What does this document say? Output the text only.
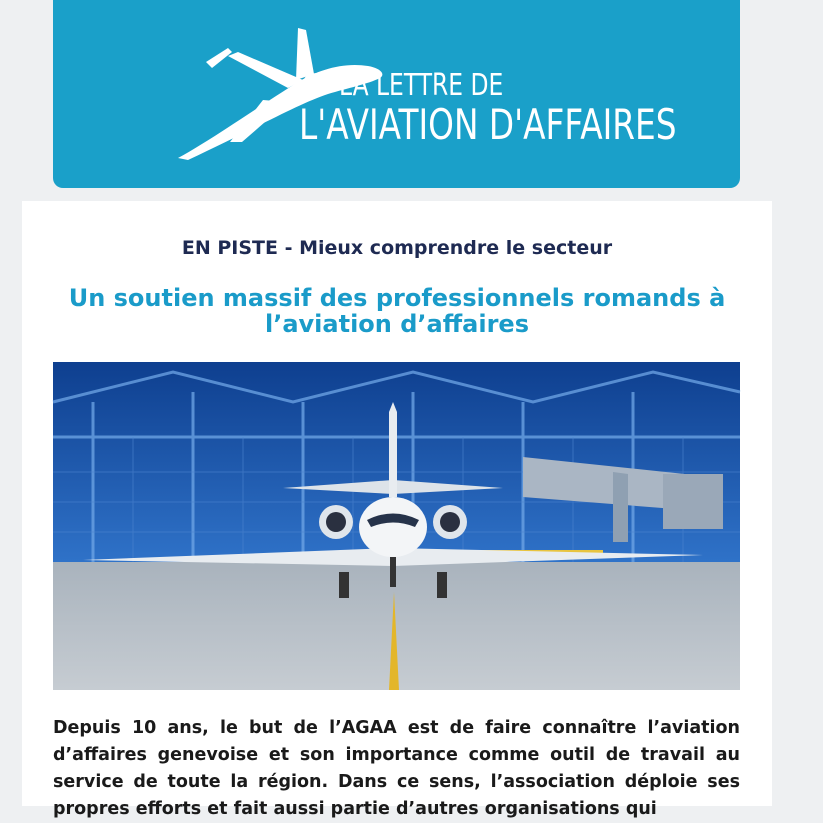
LA LETTRE DE
L'AVIATION D'AFFAIRES
EN PISTE - Mieux comprendre le secteur
Un soutien massif des professionnels romands à l’aviation d’affaires
Depuis 10 ans, le but de l’AGAA est de faire connaître l’aviation d’affaires genevoise et son importance comme outil de travail au service de toute la région. Dans ce sens, l’association déploie ses propres efforts et fait aussi partie d’autres organisations qui
